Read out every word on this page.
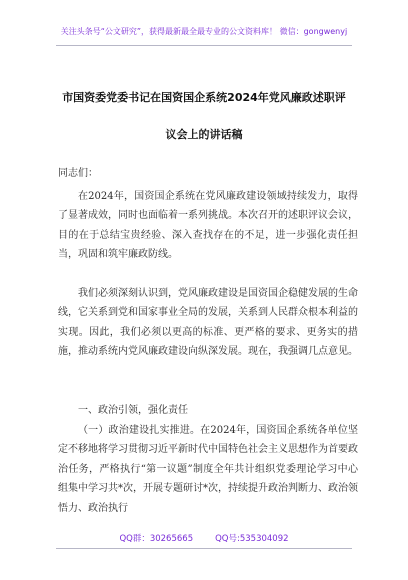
关注头条号“公文研究”，获得最新最全最专业的公文资料库！ 微信：gongwenyj
市国资委党委书记在国资国企系统2024年党风廉政述职评
议会上的讲话稿
同志们：
在2024年，国资国企系统在党风廉政建设领域持续发力，取得了显著成效，同时也面临着一系列挑战。本次召开的述职评议会议，目的在于总结宝贵经验、深入查找存在的不足，进一步强化责任担当，巩固和筑牢廉政防线。
我们必须深刻认识到，党风廉政建设是国资国企稳健发展的生命线，它关系到党和国家事业全局的发展，关系到人民群众根本利益的实现。因此，我们必须以更高的标准、更严格的要求、更务实的措施，推动系统内党风廉政建设向纵深发展。现在，我强调几点意见。
一、政治引领，强化责任
（一）政治建设扎实推进。在2024年，国资国企系统各单位坚定不移地将学习贯彻习近平新时代中国特色社会主义思想作为首要政治任务，严格执行“第一议题”制度全年共计组织党委理论学习中心组集中学习共*次，开展专题研讨*次，持续提升政治判断力、政治领悟力、政治执行
QQ群：30265665	QQ号:535304092
